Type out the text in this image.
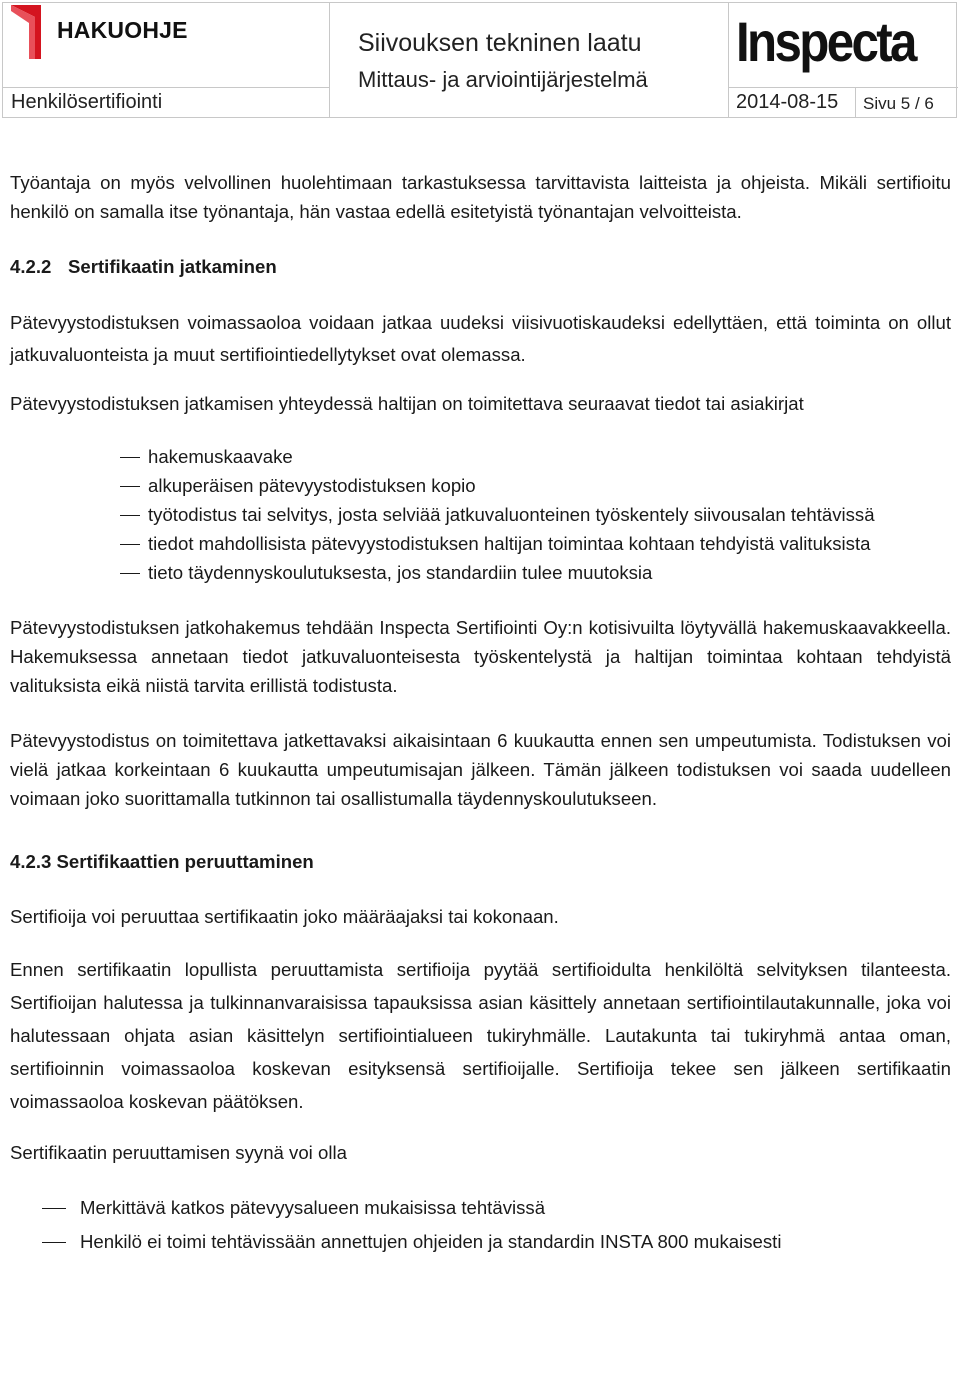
HAKUOHJE	Siivouksen tekninen laatu
Mittaus- ja arviointijärjestelmä
Inspecta
Henkilösertifiointi	2014-08-15 Sivu 5 / 6

Työantaja on myös velvollinen huolehtimaan tarkastuksessa tarvittavista laitteista ja ohjeista. Mikäli sertifioitu henkilö on samalla itse työnantaja, hän vastaa edellä esitetyistä työnantajan velvoitteista.

4.2.2 Sertifikaatin jatkaminen

Pätevyystodistuksen voimassaoloa voidaan jatkaa uudeksi viisivuotiskaudeksi edellyttäen, että toiminta on ollut jatkuvaluonteista ja muut sertifiointiedellytykset ovat olemassa.

Pätevyystodistuksen jatkamisen yhteydessä haltijan on toimitettava seuraavat tiedot tai asiakirjat

hakemuskaavake
alkuperäisen pätevyystodistuksen kopio
työtodistus tai selvitys, josta selviää jatkuvaluonteinen työskentely siivousalan tehtävissä
tiedot mahdollisista pätevyystodistuksen haltijan toimintaa kohtaan tehdyistä valituksista
tieto täydennyskoulutuksesta, jos standardiin tulee muutoksia

Pätevyystodistuksen jatkohakemus tehdään Inspecta Sertifiointi Oy:n kotisivuilta löytyvällä hakemuskaavakkeella. Hakemuksessa annetaan tiedot jatkuvaluonteisesta työskentelystä ja haltijan toimintaa kohtaan tehdyistä valituksista eikä niistä tarvita erillistä todistusta.

Pätevyystodistus on toimitettava jatkettavaksi aikaisintaan 6 kuukautta ennen sen umpeutumista. Todistuksen voi vielä jatkaa korkeintaan 6 kuukautta umpeutumisajan jälkeen. Tämän jälkeen todistuksen voi saada uudelleen voimaan joko suorittamalla tutkinnon tai osallistumalla täydennyskoulutukseen.

4.2.3 Sertifikaattien peruuttaminen

Sertifioija voi peruuttaa sertifikaatin joko määräajaksi tai kokonaan.

Ennen sertifikaatin lopullista peruuttamista sertifioija pyytää sertifioidulta henkilöltä selvityksen tilanteesta. Sertifioijan halutessa ja tulkinnanvaraisissa tapauksissa asian käsittely annetaan sertifiointilautakunnalle, joka voi halutessaan ohjata asian käsittelyn sertifiointialueen tukiryhmälle. Lautakunta tai tukiryhmä antaa oman, sertifioinnin voimassaoloa koskevan esityksensä sertifioijalle. Sertifioija tekee sen jälkeen sertifikaatin voimassaoloa koskevan päätöksen.

Sertifikaatin peruuttamisen syynä voi olla

Merkittävä katkos pätevyysalueen mukaisissa tehtävissä
Henkilö ei toimi tehtävissään annettujen ohjeiden ja standardin INSTA 800 mukaisesti
